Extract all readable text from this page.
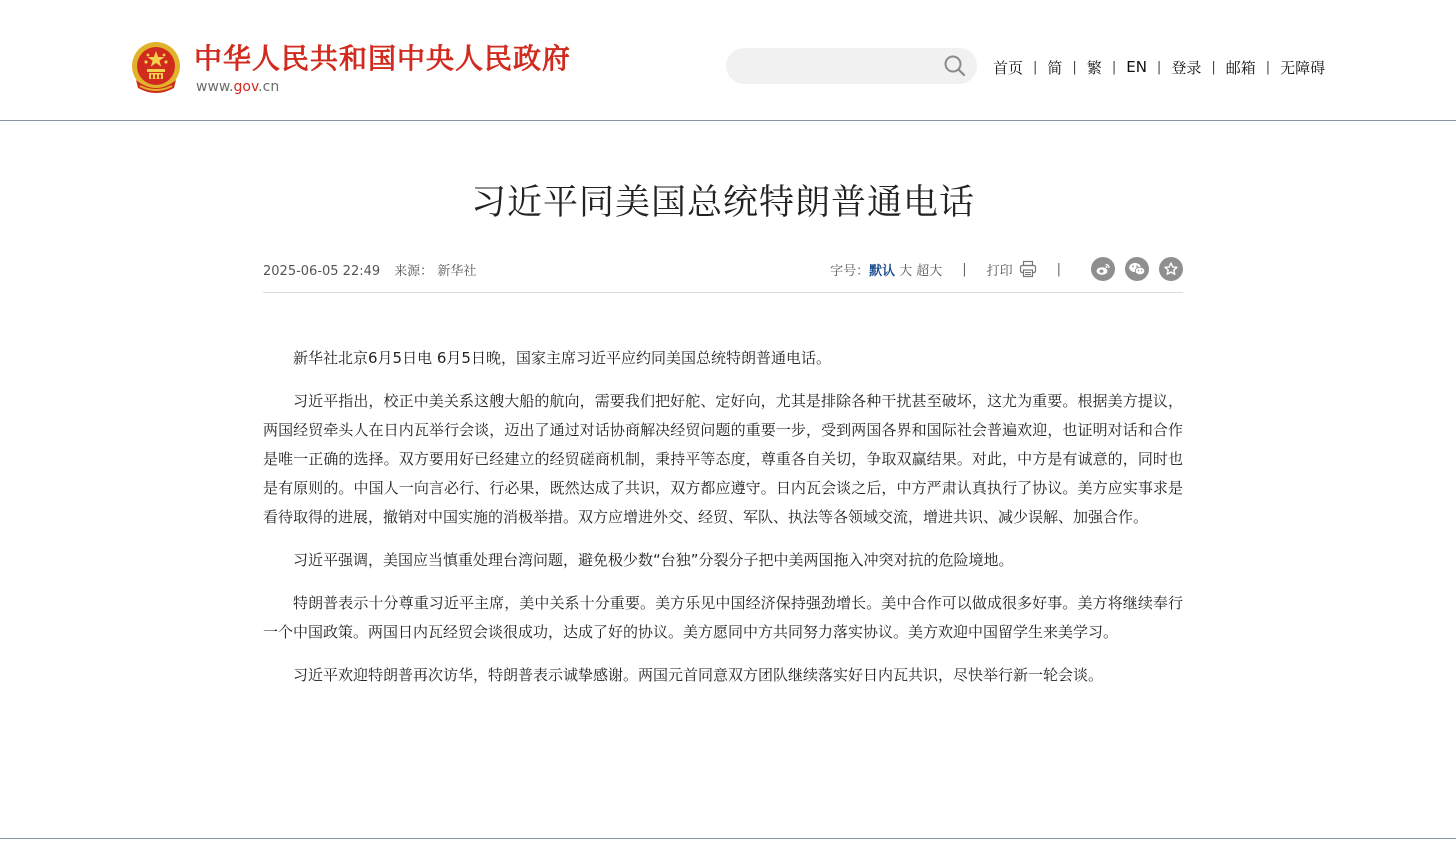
中华人民共和国中央人民政府
www.gov.cn
首页 | 简 | 繁 | EN | 登录 | 邮箱 | 无障碍
习近平同美国总统特朗普通电话
2025-06-05 22:49 来源： 新华社	字号： 默认 大 超大 | 打印	|

新华社北京6月5日电 6月5日晚，国家主席习近平应约同美国总统特朗普通电话。

习近平指出，校正中美关系这艘大船的航向，需要我们把好舵、定好向，尤其是排除各种干扰甚至破坏，这尤为重要。根据美方提议，两国经贸牵头人在日内瓦举行会谈，迈出了通过对话协商解决经贸问题的重要一步，受到两国各界和国际社会普遍欢迎，也证明对话和合作是唯一正确的选择。双方要用好已经建立的经贸磋商机制，秉持平等态度，尊重各自关切，争取双赢结果。对此，中方是有诚意的，同时也是有原则的。中国人一向言必行、行必果，既然达成了共识，双方都应遵守。日内瓦会谈之后，中方严肃认真执行了协议。美方应实事求是看待取得的进展，撤销对中国实施的消极举措。双方应增进外交、经贸、军队、执法等各领域交流，增进共识、减少误解、加强合作。

习近平强调，美国应当慎重处理台湾问题，避免极少数“台独”分裂分子把中美两国拖入冲突对抗的危险境地。

特朗普表示十分尊重习近平主席，美中关系十分重要。美方乐见中国经济保持强劲增长。美中合作可以做成很多好事。美方将继续奉行一个中国政策。两国日内瓦经贸会谈很成功，达成了好的协议。美方愿同中方共同努力落实协议。美方欢迎中国留学生来美学习。

习近平欢迎特朗普再次访华，特朗普表示诚挚感谢。两国元首同意双方团队继续落实好日内瓦共识，尽快举行新一轮会谈。
